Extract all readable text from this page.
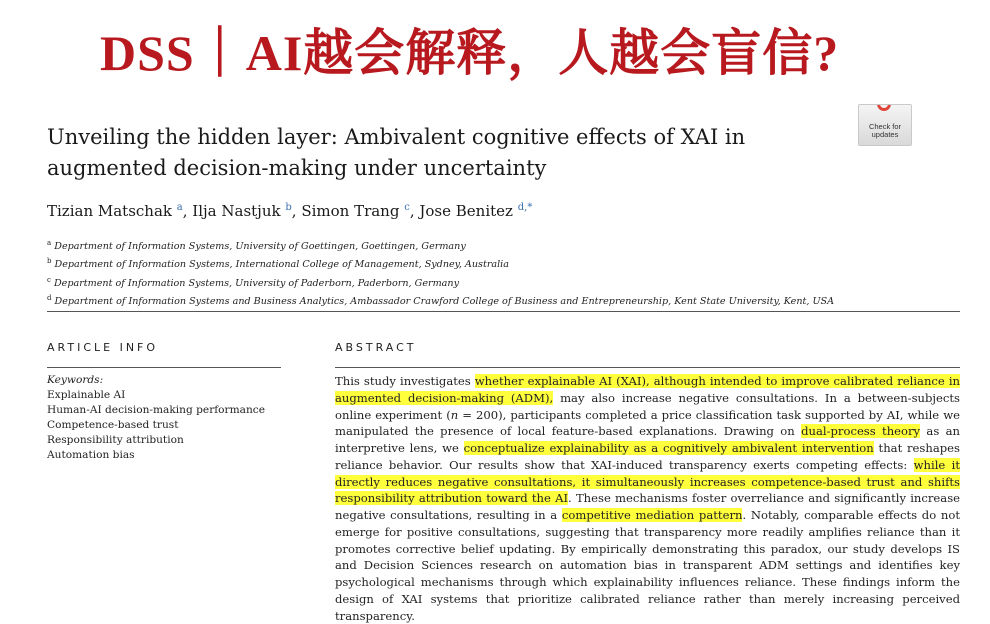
DSS｜AI越会解释，人越会盲信?
Check for
updates
Unveiling the hidden layer: Ambivalent cognitive effects of XAI in augmented decision-making under uncertainty
Tizian Matschak $^a$, Ilja Nastjuk $^b$, Simon Trang $^c$, Jose Benitez $^{d,*}$
$^a$ Department of Information Systems, University of Goettingen, Goettingen, Germany
$^b$ Department of Information Systems, International College of Management, Sydney, Australia
$^c$ Department of Information Systems, University of Paderborn, Paderborn, Germany
$^d$ Department of Information Systems and Business Analytics, Ambassador Crawford College of Business and Entrepreneurship, Kent State University, Kent, USA
ARTICLE INFO	ABSTRACT
Keywords:
Explainable AI
Human-AI decision-making performance
Competence-based trust
Responsibility attribution
Automation bias
This study investigates whether explainable AI (XAI), although intended to improve calibrated reliance in augmented decision-making (ADM), may also increase negative consultations. In a between-subjects online experiment (n = 200), participants completed a price classification task supported by AI, while we manipulated the presence of local feature-based explanations. Drawing on dual-process theory as an interpretive lens, we conceptualize explainability as a cognitively ambivalent intervention that reshapes reliance behavior. Our results show that XAI-induced transparency exerts competing effects: while it directly reduces negative consultations, it simultaneously increases competence-based trust and shifts responsibility attribution toward the AI. These mechanisms foster overreliance and significantly increase negative consultations, resulting in a competitive mediation pattern. Notably, comparable effects do not emerge for positive consultations, suggesting that transparency more readily amplifies reliance than it promotes corrective belief updating. By empirically demonstrating this paradox, our study develops IS and Decision Sciences research on automation bias in transparent ADM settings and identifies key psychological mechanisms through which explainability influences reliance. These findings inform the design of XAI systems that prioritize calibrated reliance rather than merely increasing perceived transparency.
